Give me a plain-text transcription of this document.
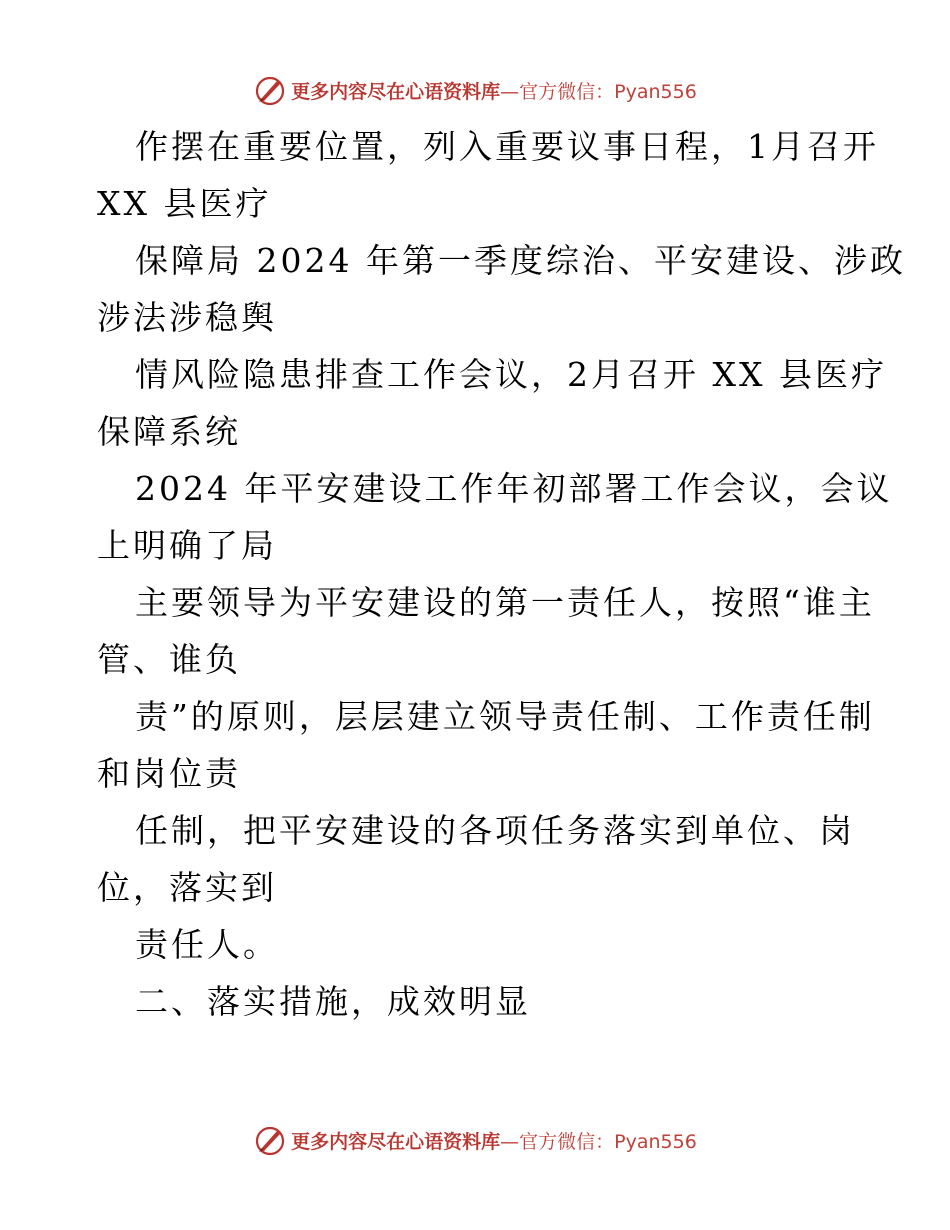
更多内容尽在心语资料库—官方微信：Pyan556
作摆在重要位置，列入重要议事日程，1月召开
XX 县医疗
保障局 2024 年第一季度综治、平安建设、涉政
涉法涉稳舆
情风险隐患排查工作会议，2月召开 XX 县医疗
保障系统
2024 年平安建设工作年初部署工作会议，会议
上明确了局
主要领导为平安建设的第一责任人，按照“谁主
管、谁负
责”的原则，层层建立领导责任制、工作责任制
和岗位责
任制，把平安建设的各项任务落实到单位、岗
位，落实到
责任人。
二、落实措施，成效明显
更多内容尽在心语资料库—官方微信：Pyan556
